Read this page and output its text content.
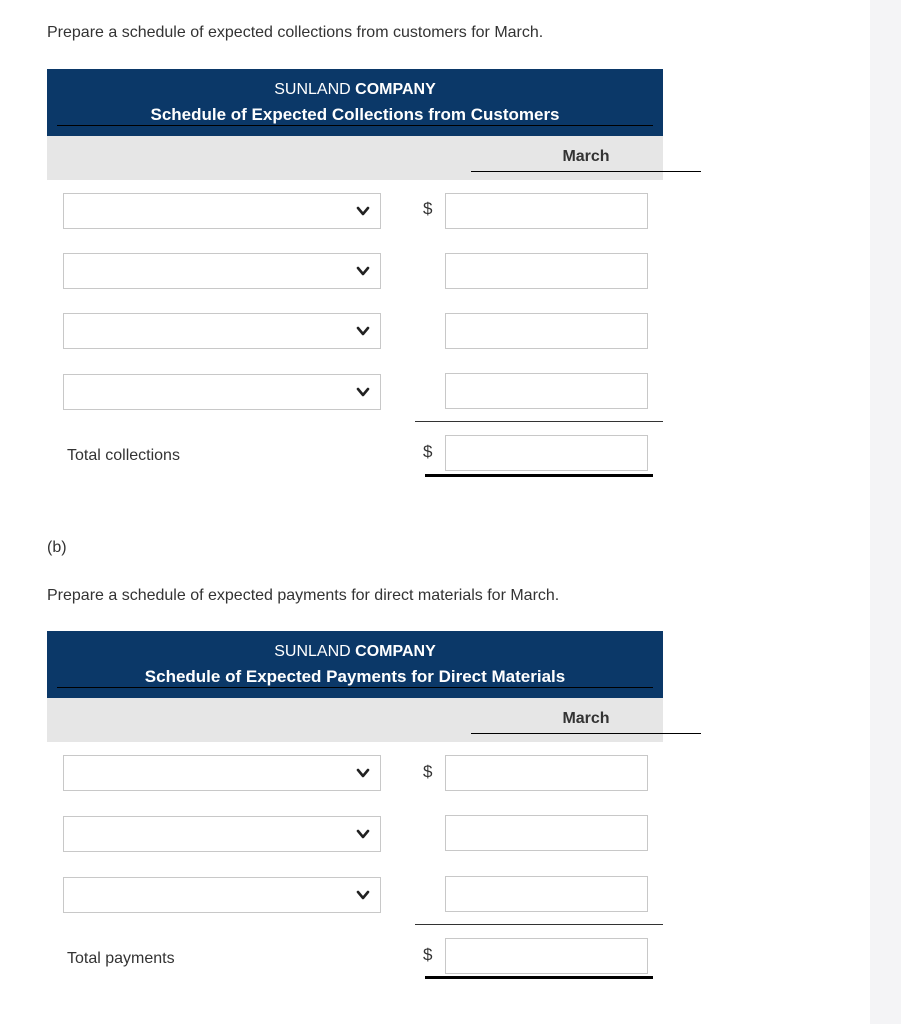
Prepare a schedule of expected collections from customers for March.
SUNLAND COMPANY
Schedule of Expected Collections from Customers
March
$
Total collections	$
(b)
Prepare a schedule of expected payments for direct materials for March.
SUNLAND COMPANY
Schedule of Expected Payments for Direct Materials
March
$
Total payments	$
